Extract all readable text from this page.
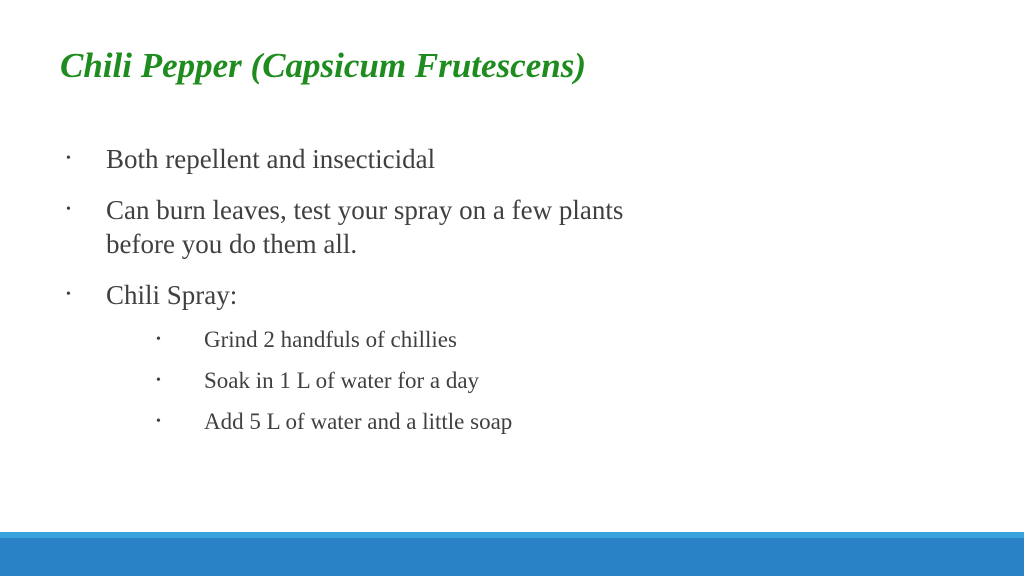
Chili Pepper (Capsicum Frutescens)
• Both repellent and insecticidal
• Can burn leaves, test your spray on a few plants
before you do them all.
• Chili Spray:
• Grind 2 handfuls of chillies
• Soak in 1 L of water for a day
• Add 5 L of water and a little soap
